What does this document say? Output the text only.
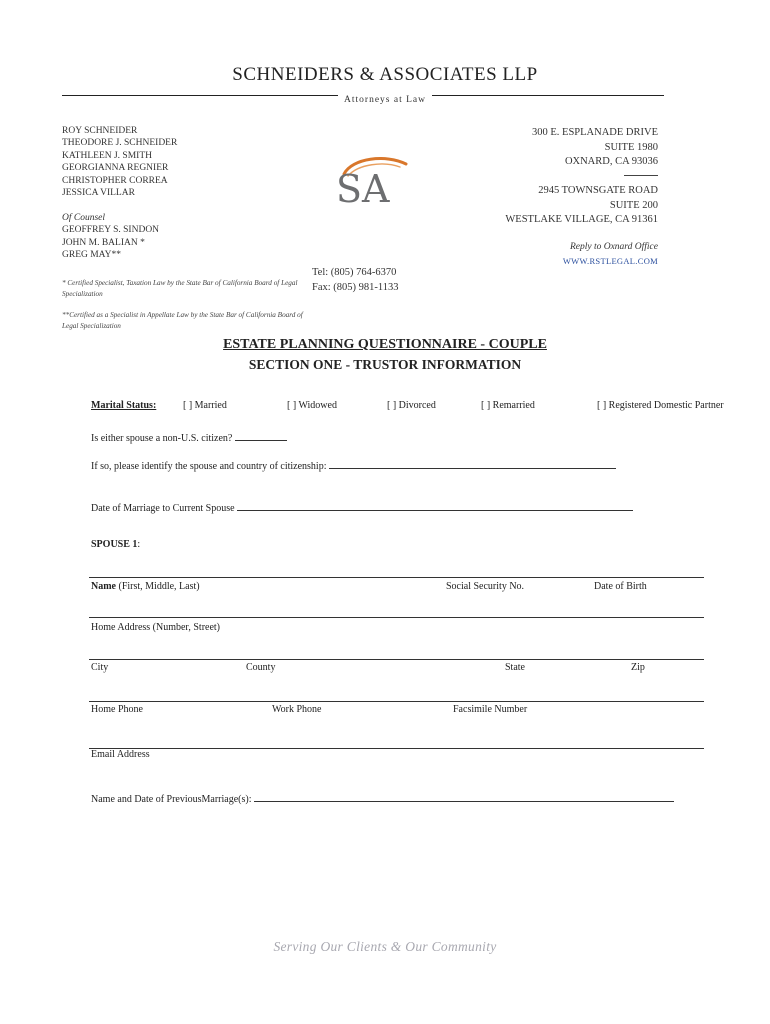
SCHNEIDERS & ASSOCIATES LLP
Attorneys at Law
ROY SCHNEIDER
THEODORE J. SCHNEIDER
KATHLEEN J. SMITH
GEORGIANNA REGNIER
CHRISTOPHER CORREA
JESSICA VILLAR
Of Counsel
GEOFFREY S. SINDON
JOHN M. BALIAN *
GREG MAY**
SA
300 E. ESPLANADE DRIVE
SUITE 1980
OXNARD, CA 93036
2945 TOWNSGATE ROAD
SUITE 200
WESTLAKE VILLAGE, CA 91361
Reply to Oxnard Office
WWW.RSTLEGAL.COM
* Certified Specialist, Taxation Law by the State Bar of California Board of Legal Specialization
**Certified as a Specialist in Appellate Law by the State Bar of California Board of Legal Specialization
Tel: (805) 764-6370
Fax: (805) 981-1133
ESTATE PLANNING QUESTIONNAIRE - COUPLE
SECTION ONE - TRUSTOR INFORMATION
Marital Status:	[ ] Married	[ ] Widowed	[ ] Divorced	[ ] Remarried	[ ] Registered Domestic Partner
Is either spouse a non-U.S. citizen?
If so, please identify the spouse and country of citizenship:
Date of Marriage to Current Spouse
SPOUSE 1:
Name (First, Middle, Last)	Social Security No.	Date of Birth
Home Address (Number, Street)
City	County	State	Zip
Home Phone	Work Phone	Facsimile Number
Email Address
Name and Date of PreviousMarriage(s):
Serving Our Clients & Our Community
